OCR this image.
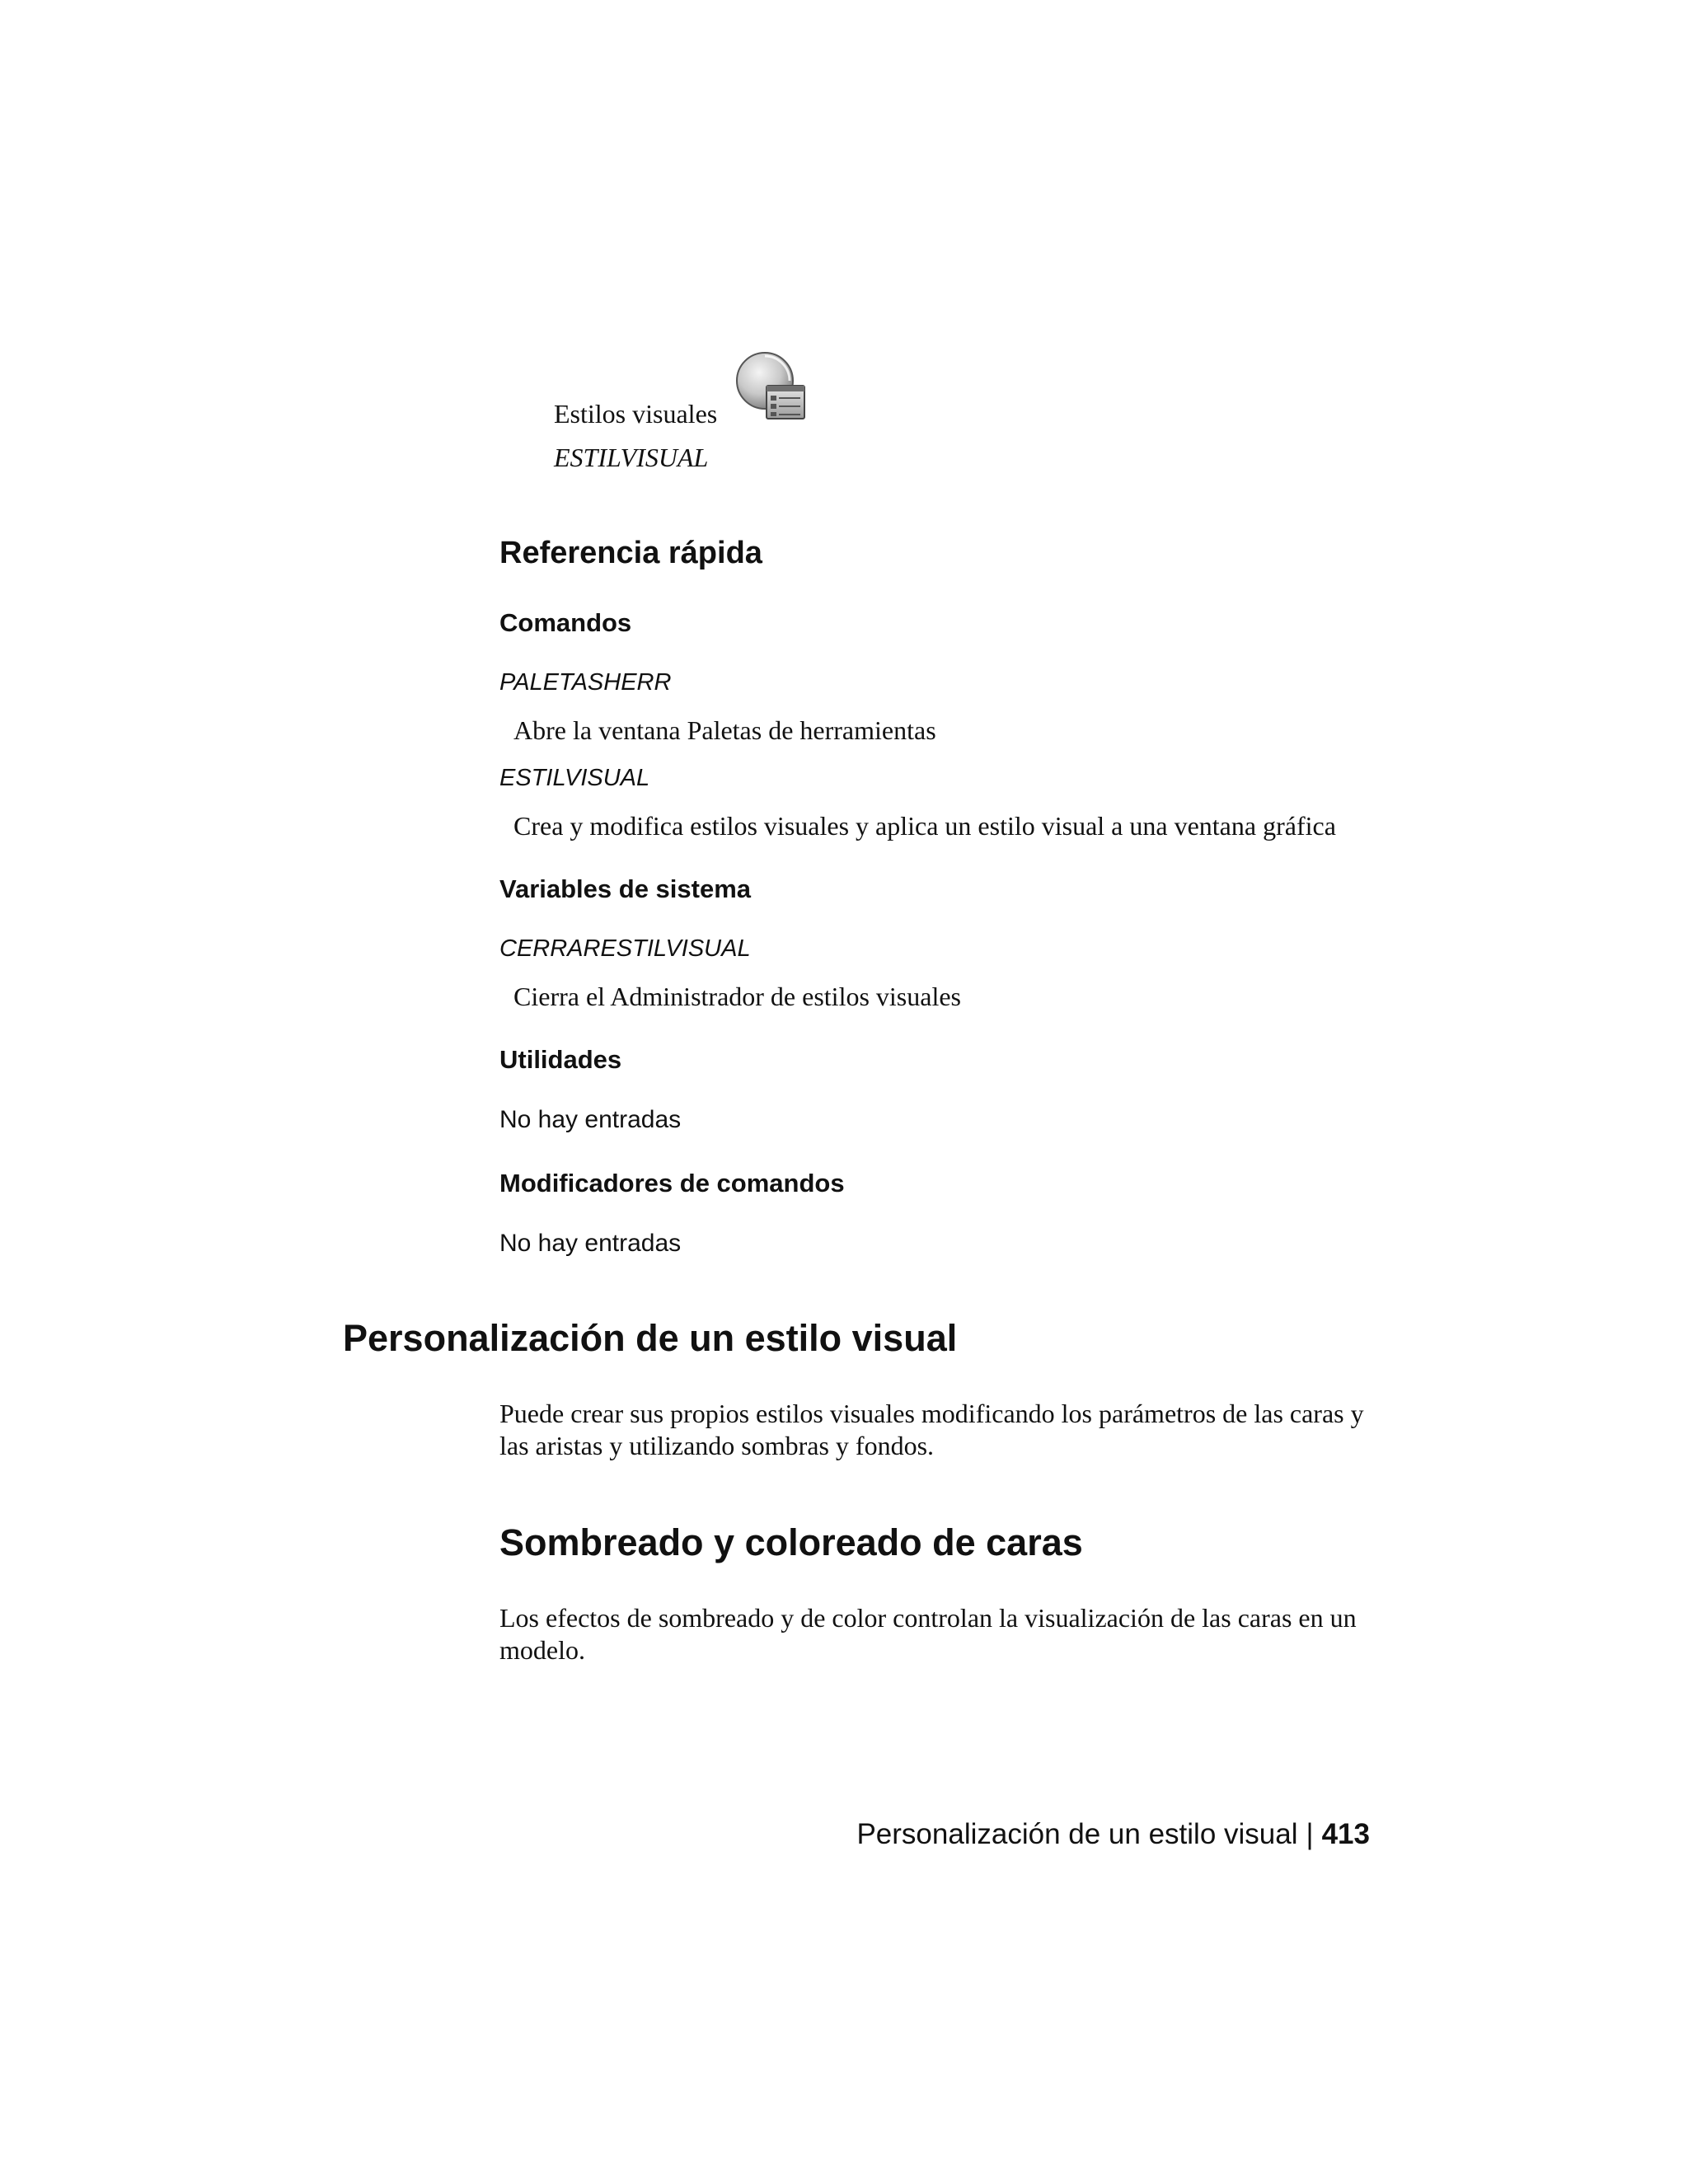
Estilos visuales
ESTILVISUAL
Referencia rápida
Comandos
PALETASHERR
Abre la ventana Paletas de herramientas
ESTILVISUAL
Crea y modifica estilos visuales y aplica un estilo visual a una ventana gráfica
Variables de sistema
CERRARESTILVISUAL
Cierra el Administrador de estilos visuales
Utilidades
No hay entradas
Modificadores de comandos
No hay entradas
Personalización de un estilo visual
Puede crear sus propios estilos visuales modificando los parámetros de las caras y las aristas y utilizando sombras y fondos.
Sombreado y coloreado de caras
Los efectos de sombreado y de color controlan la visualización de las caras en un modelo.
Personalización de un estilo visual | 413
